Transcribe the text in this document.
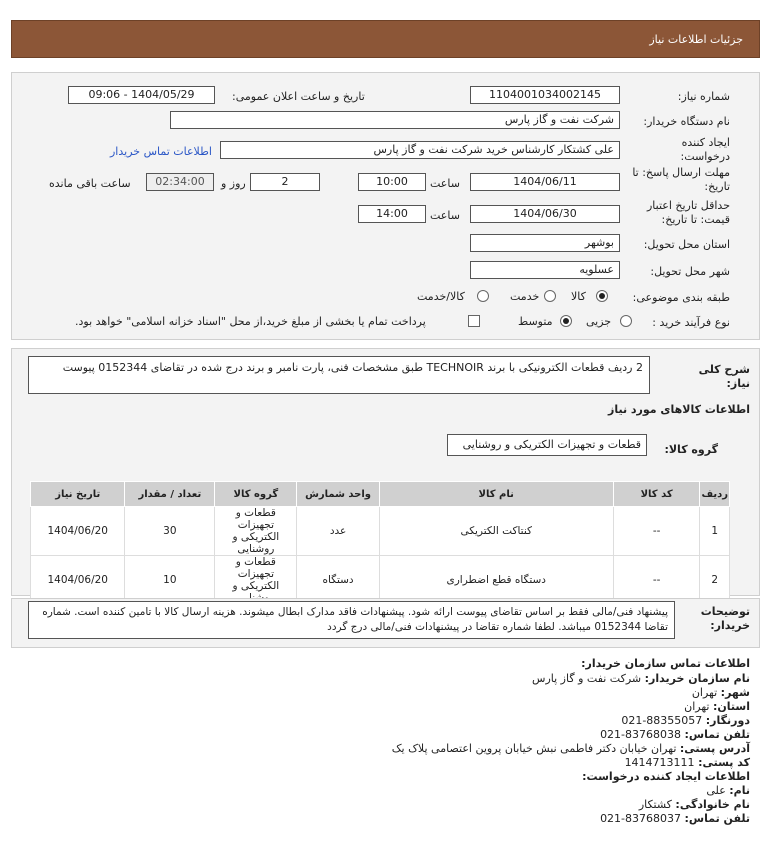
جزئیات اطلاعات نیاز
شماره نیاز:
1104001034002145
تاریخ و ساعت اعلان عمومی:
1404/05/29 - 09:06
نام دستگاه خریدار:
شرکت نفت و گاز پارس
ایجاد کننده درخواست:
علی کشتکار کارشناس خرید شرکت نفت و گاز پارس
اطلاعات تماس خریدار
مهلت ارسال پاسخ: تا تاریخ:
1404/06/11
ساعت
10:00
2
روز و
02:34:00
ساعت باقی مانده
حداقل تاریخ اعتبار قیمت: تا تاریخ:
1404/06/30
ساعت
14:00
استان محل تحویل:
بوشهر
شهر محل تحویل:
عسلویه
طبقه بندی موضوعی:
کالا
خدمت
کالا/خدمت
نوع فرآیند خرید :
جزیی
متوسط
پرداخت تمام یا بخشی از مبلغ خرید،از محل "اسناد خزانه اسلامی" خواهد بود.
شرح کلی نیاز:
2 ردیف قطعات الکترونیکی با برند TECHNOIR طبق مشخصات فنی، پارت نامبر و برند درج شده در تقاضای 0152344 پیوست
اطلاعات کالاهای مورد نیاز
گروه کالا:
قطعات و تجهیزات الکتریکی و روشنایی
ردیف	کد کالا	نام کالا	واحد شمارش	گروه کالا	تعداد / مقدار	تاریخ نیاز
1	--	کنتاکت الکتریکی	عدد	قطعات و تجهیزات الکتریکی و روشنایی	30	1404/06/20
2	--	دستگاه قطع اضطراری	دستگاه	قطعات و تجهیزات الکتریکی و	10	1404/06/20
توضیحات خریدار:
پیشنهاد فنی/مالی فقط بر اساس تقاضای پیوست ارائه شود. پیشنهادات فاقد مدارک ابطال میشوند. هزینه ارسال کالا با تامین کننده است. شماره تقاضا 0152344 میباشد. لطفا شماره تقاضا در پیشنهادات فنی/مالی درج گردد
اطلاعات تماس سازمان خریدار:
نام سازمان خریدار: شرکت نفت و گاز پارس
شهر: تهران
استان: تهران
دورنگار: 021-88355057
تلفن تماس: 021-83768038
آدرس پستی: تهران خیابان دکتر فاطمی نبش خیابان پروین اعتصامی پلاک یک
کد پستی: 1414713111
اطلاعات ایجاد کننده درخواست:
نام: علی
نام خانوادگی: کشتکار
تلفن تماس: 021-83768037
